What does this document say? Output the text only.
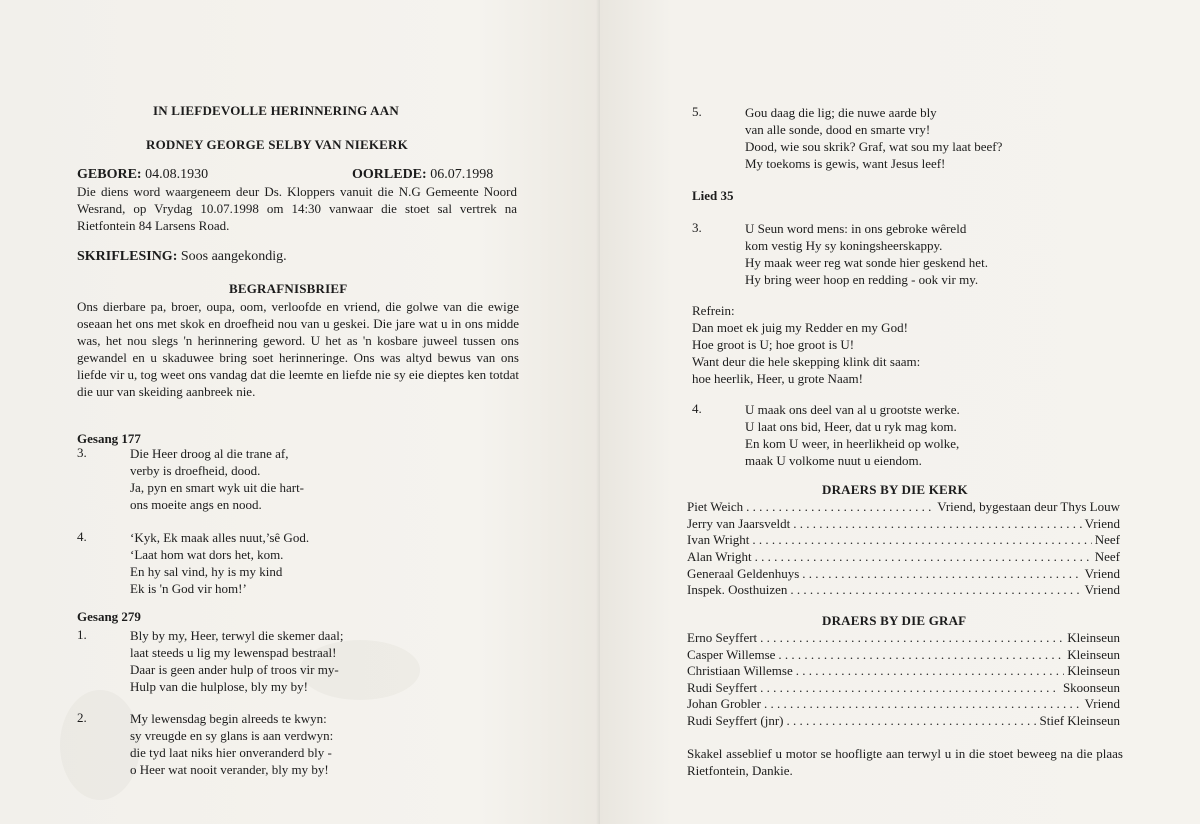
IN LIEFDEVOLLE HERINNERING AAN
RODNEY GEORGE SELBY VAN NIEKERK
GEBORE: 04.08.1930	OORLEDE: 06.07.1998

Die diens word waargeneem deur Ds. Kloppers vanuit die N.G Gemeente Noord Wesrand, op Vrydag 10.07.1998 om 14:30 vanwaar die stoet sal vertrek na Rietfontein 84 Larsens Road.

SKRIFLESING: Soos aangekondig.
BEGRAFNISBRIEF

Ons dierbare pa, broer, oupa, oom, verloofde en vriend, die golwe van die ewige oseaan het ons met skok en droefheid nou van u geskei. Die jare wat u in ons midde was, het nou slegs 'n herinnering geword. U het as 'n kosbare juweel tussen ons gewandel en u skaduwee bring soet herinneringe. Ons was altyd bewus van ons liefde vir u, tog weet ons vandag dat die leemte en liefde nie sy eie dieptes ken totdat die uur van skeiding aanbreek nie.

Gesang 177
3.	Die Heer droog al die trane af,
verby is droefheid, dood.
Ja, pyn en smart wyk uit die hart-
ons moeite angs en nood.
4.	‘Kyk, Ek maak alles nuut,’sê God.
‘Laat hom wat dors het, kom.
En hy sal vind, hy is my kind
Ek is 'n God vir hom!’
Gesang 279
1.	Bly by my, Heer, terwyl die skemer daal;
laat steeds u lig my lewenspad bestraal!
Daar is geen ander hulp of troos vir my-
Hulp van die hulplose, bly my by!
2.	My lewensdag begin alreeds te kwyn:
sy vreugde en sy glans is aan verdwyn:
die tyd laat niks hier onveranderd bly -
o Heer wat nooit verander, bly my by!
5.	Gou daag die lig; die nuwe aarde bly
van alle sonde, dood en smarte vry!
Dood, wie sou skrik? Graf, wat sou my laat beef?
My toekoms is gewis, want Jesus leef!
Lied 35
3.	U Seun word mens: in ons gebroke wêreld
kom vestig Hy sy koningsheerskappy.
Hy maak weer reg wat sonde hier geskend het.
Hy bring weer hoop en redding - ook vir my.
Refrein:
Dan moet ek juig my Redder en my God!
Hoe groot is U; hoe groot is U!
Want deur die hele skepping klink dit saam:
hoe heerlik, Heer, u grote Naam!
4.	U maak ons deel van al u grootste werke.
U laat ons bid, Heer, dat u ryk mag kom.
En kom U weer, in heerlikheid op wolke,
maak U volkome nuut u eiendom.
DRAERS BY DIE KERK
Piet Weich . . .	Vriend, bygestaan deur Thys Louw
Jerry van Jaarsveldt . . .	Vriend
Ivan Wright . . .	Neef
Alan Wright . . .	Neef
Generaal Geldenhuys . . .	Vriend
Inspek. Oosthuizen . . .	Vriend
DRAERS BY DIE GRAF
Erno Seyffert . . .	Kleinseun
Casper Willemse . . .	Kleinseun
Christiaan Willemse . . .	Kleinseun
Rudi Seyffert . . .	Skoonseun
Johan Grobler . . .	Vriend
Rudi Seyffert (jnr) . . .	Stief Kleinseun

Skakel asseblief u motor se hoofligte aan terwyl u in die stoet beweeg na die plaas Rietfontein, Dankie.
